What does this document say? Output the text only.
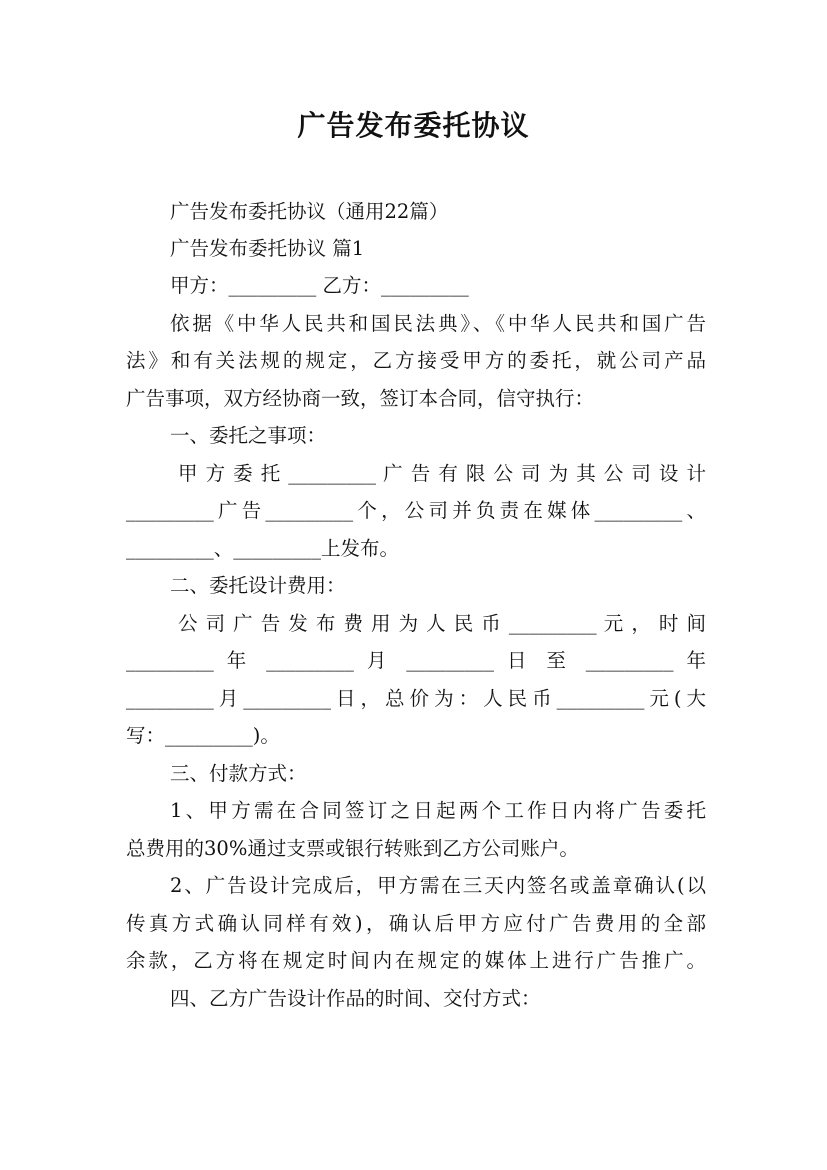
广告发布委托协议
广告发布委托协议（通用22篇）
广告发布委托协议 篇1
甲方：_________ 乙方：_________
依据《中华人民共和国民法典》、《中华人民共和国广告
法》和有关法规的规定，乙方接受甲方的委托，就公司产品
广告事项，双方经协商一致，签订本合同，信守执行：
一、委托之事项：
甲 方 委 托 _________ 广 告 有 限 公 司 为 其 公 司 设 计
_________广告_________个，公司并负责在媒体_________、
_________、_________上发布。
二、委托设计费用：
公 司 广 告 发 布 费 用 为 人 民 币 _________ 元 ， 时 间
_________ 年 _________ 月 _________ 日 至 _________ 年
_________月_________日，总价为：人民币_________元(大
写：_________)。
三、付款方式：
1、甲方需在合同签订之日起两个工作日内将广告委托
总费用的30%通过支票或银行转账到乙方公司账户。
2、广告设计完成后，甲方需在三天内签名或盖章确认(以
传真方式确认同样有效)，确认后甲方应付广告费用的全部
余款，乙方将在规定时间内在规定的媒体上进行广告推广。
四、乙方广告设计作品的时间、交付方式：
